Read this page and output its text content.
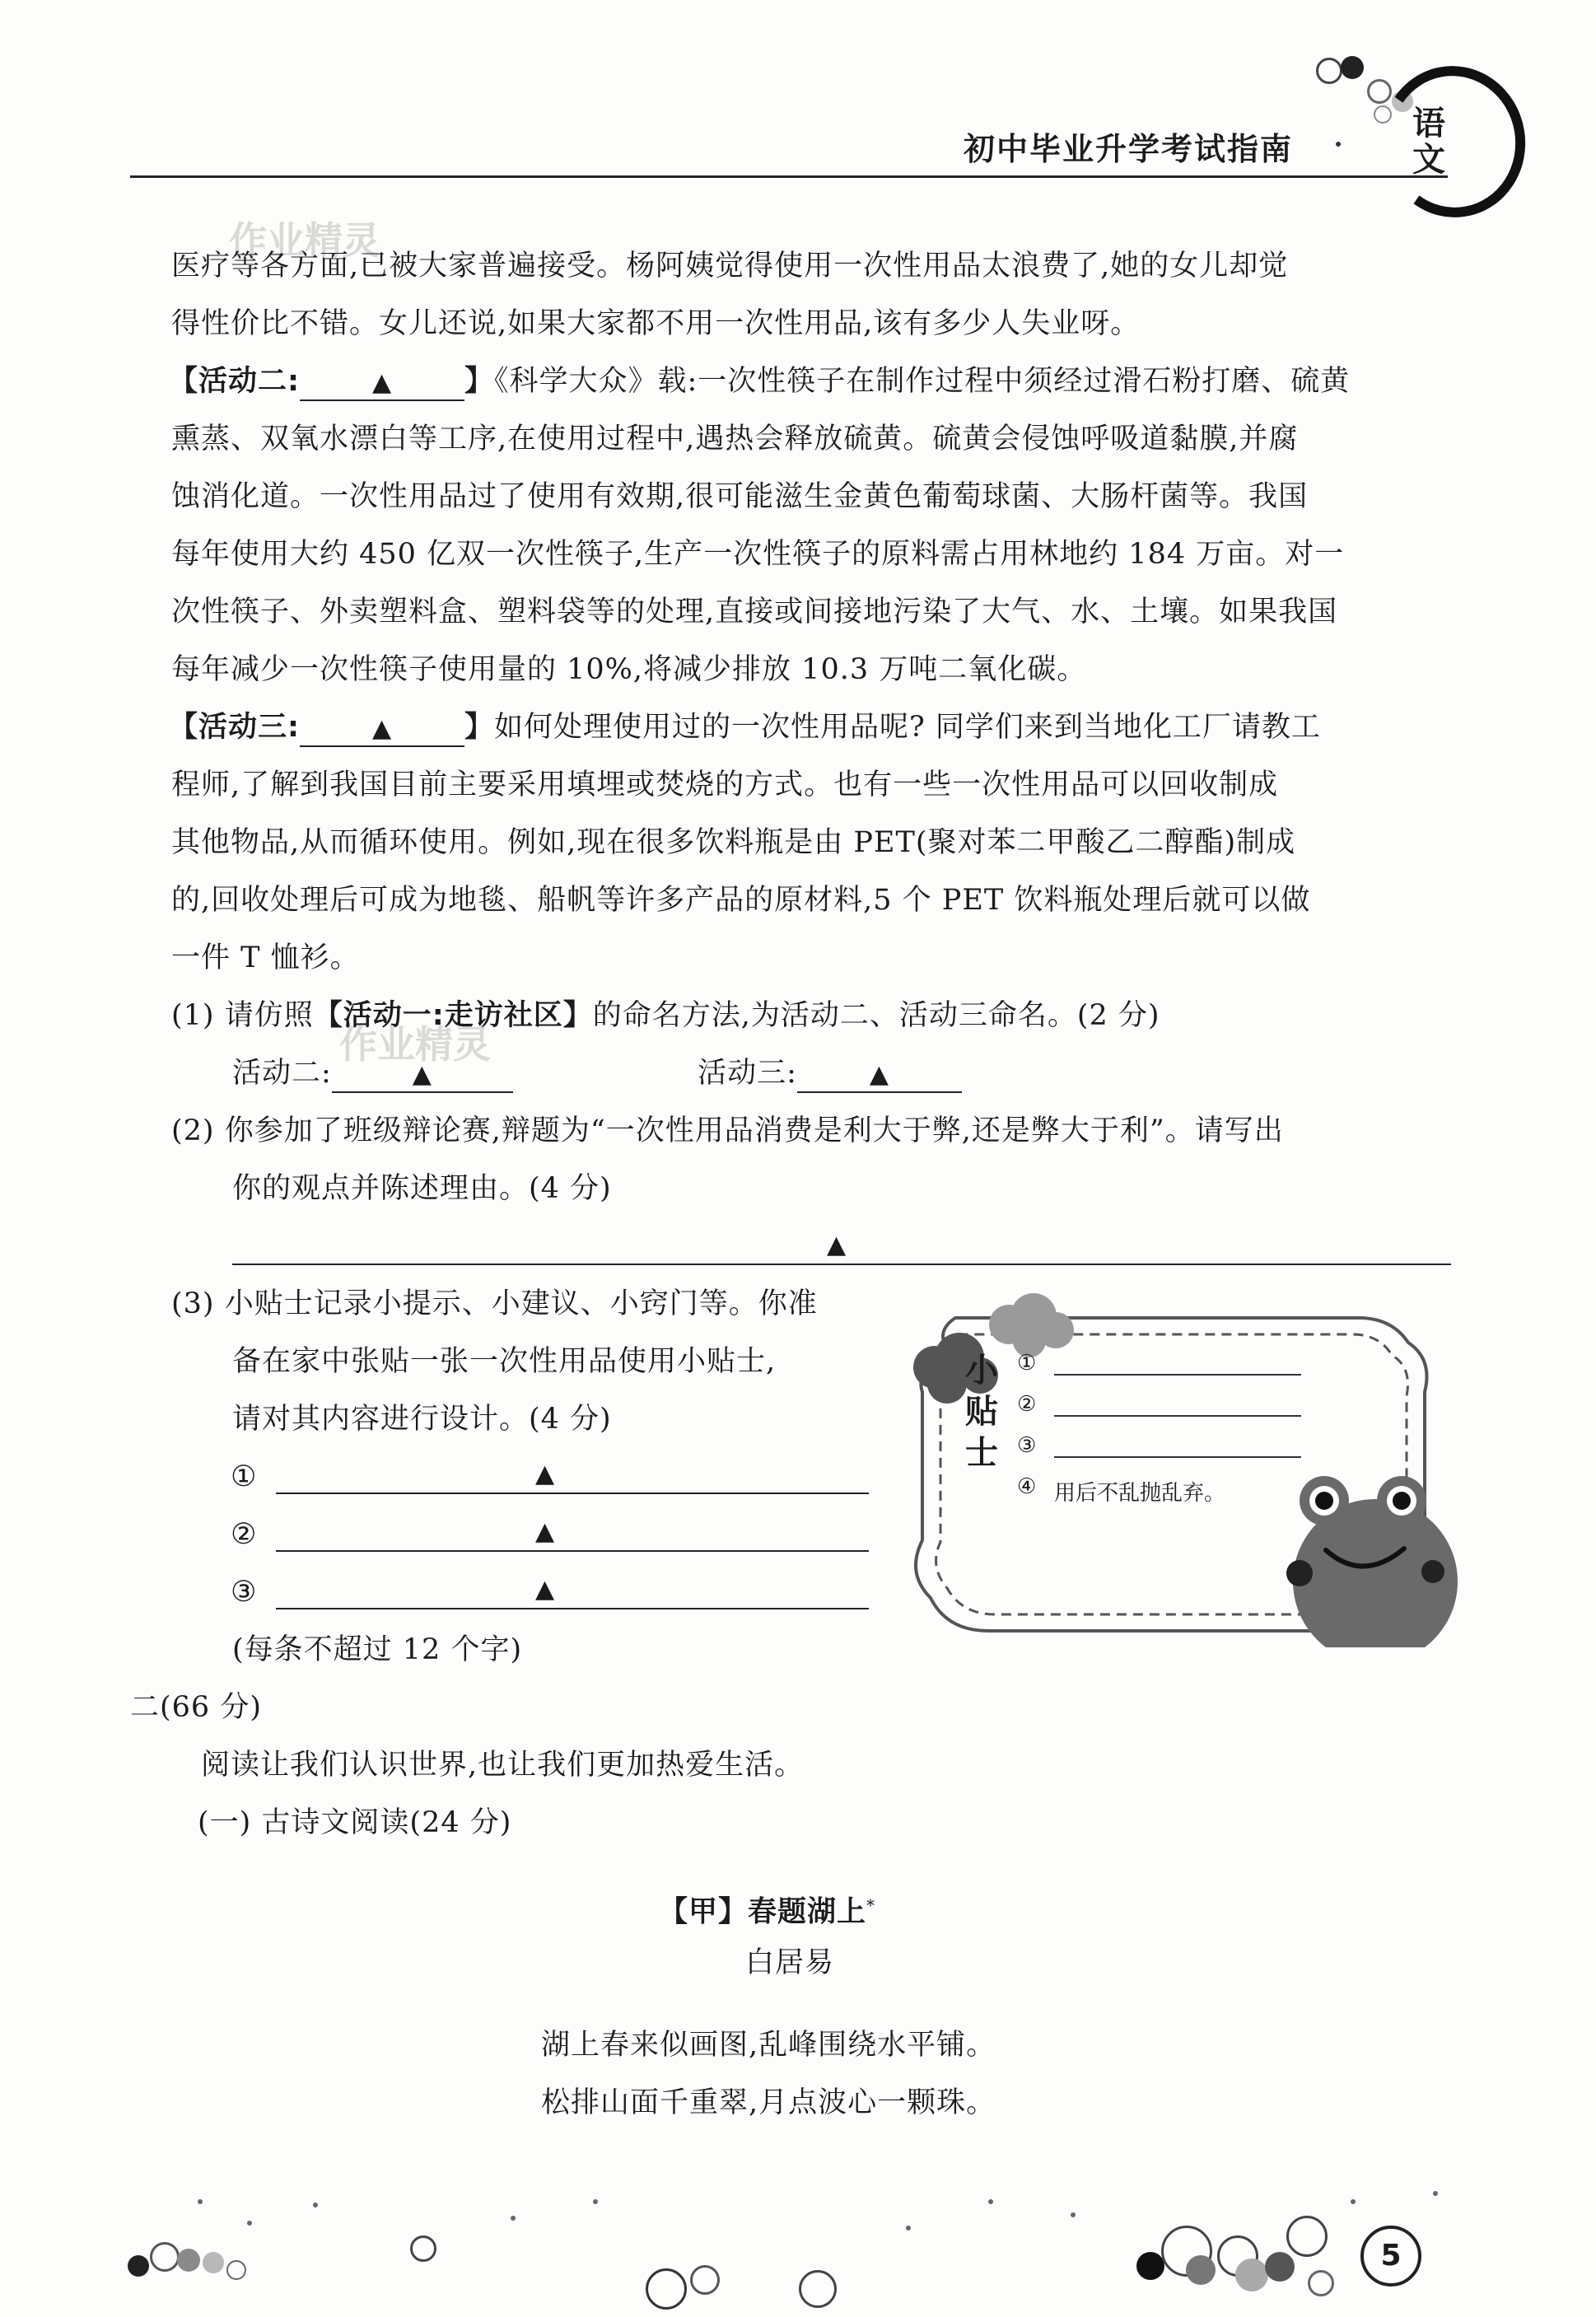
初中毕业升学考试指南
语
文
作业精灵
医疗等各方面,已被大家普遍接受。杨阿姨觉得使用一次性用品太浪费了,她的女儿却觉
得性价比不错。女儿还说,如果大家都不用一次性用品,该有多少人失业呀。
【活动二:	▲	】《科学大众》载:一次性筷子在制作过程中须经过滑石粉打磨、硫黄
熏蒸、双氧水漂白等工序,在使用过程中,遇热会释放硫黄。硫黄会侵蚀呼吸道黏膜,并腐
蚀消化道。一次性用品过了使用有效期,很可能滋生金黄色葡萄球菌、大肠杆菌等。我国
每年使用大约 450 亿双一次性筷子,生产一次性筷子的原料需占用林地约 184 万亩。对一
次性筷子、外卖塑料盒、塑料袋等的处理,直接或间接地污染了大气、水、土壤。如果我国
每年减少一次性筷子使用量的 10%,将减少排放 10.3 万吨二氧化碳。
【活动三:	▲	】如何处理使用过的一次性用品呢? 同学们来到当地化工厂请教工
程师,了解到我国目前主要采用填埋或焚烧的方式。也有一些一次性用品可以回收制成
其他物品,从而循环使用。例如,现在很多饮料瓶是由 PET(聚对苯二甲酸乙二醇酯)制成
的,回收处理后可成为地毯、船帆等许多产品的原材料,5 个 PET 饮料瓶处理后就可以做
一件 T 恤衫。
(1) 请仿照【活动一:走访社区】的命名方法,为活动二、活动三命名。(2 分)
活动二:	▲	活动三:	▲
作业精灵
(2) 你参加了班级辩论赛,辩题为“一次性用品消费是利大于弊,还是弊大于利”。请写出
你的观点并陈述理由。(4 分)
▲
(3) 小贴士记录小提示、小建议、小窍门等。你准
备在家中张贴一张一次性用品使用小贴士,
请对其内容进行设计。(4 分)
①	▲
②	▲
③	▲
(每条不超过 12 个字)
小
贴
士
①
②
③
④ 用后不乱抛乱弃。
二(66 分)
阅读让我们认识世界,也让我们更加热爱生活。
(一) 古诗文阅读(24 分)
【甲】春题湖上*
白居易
湖上春来似画图,乱峰围绕水平铺。
松排山面千重翠,月点波心一颗珠。
5
